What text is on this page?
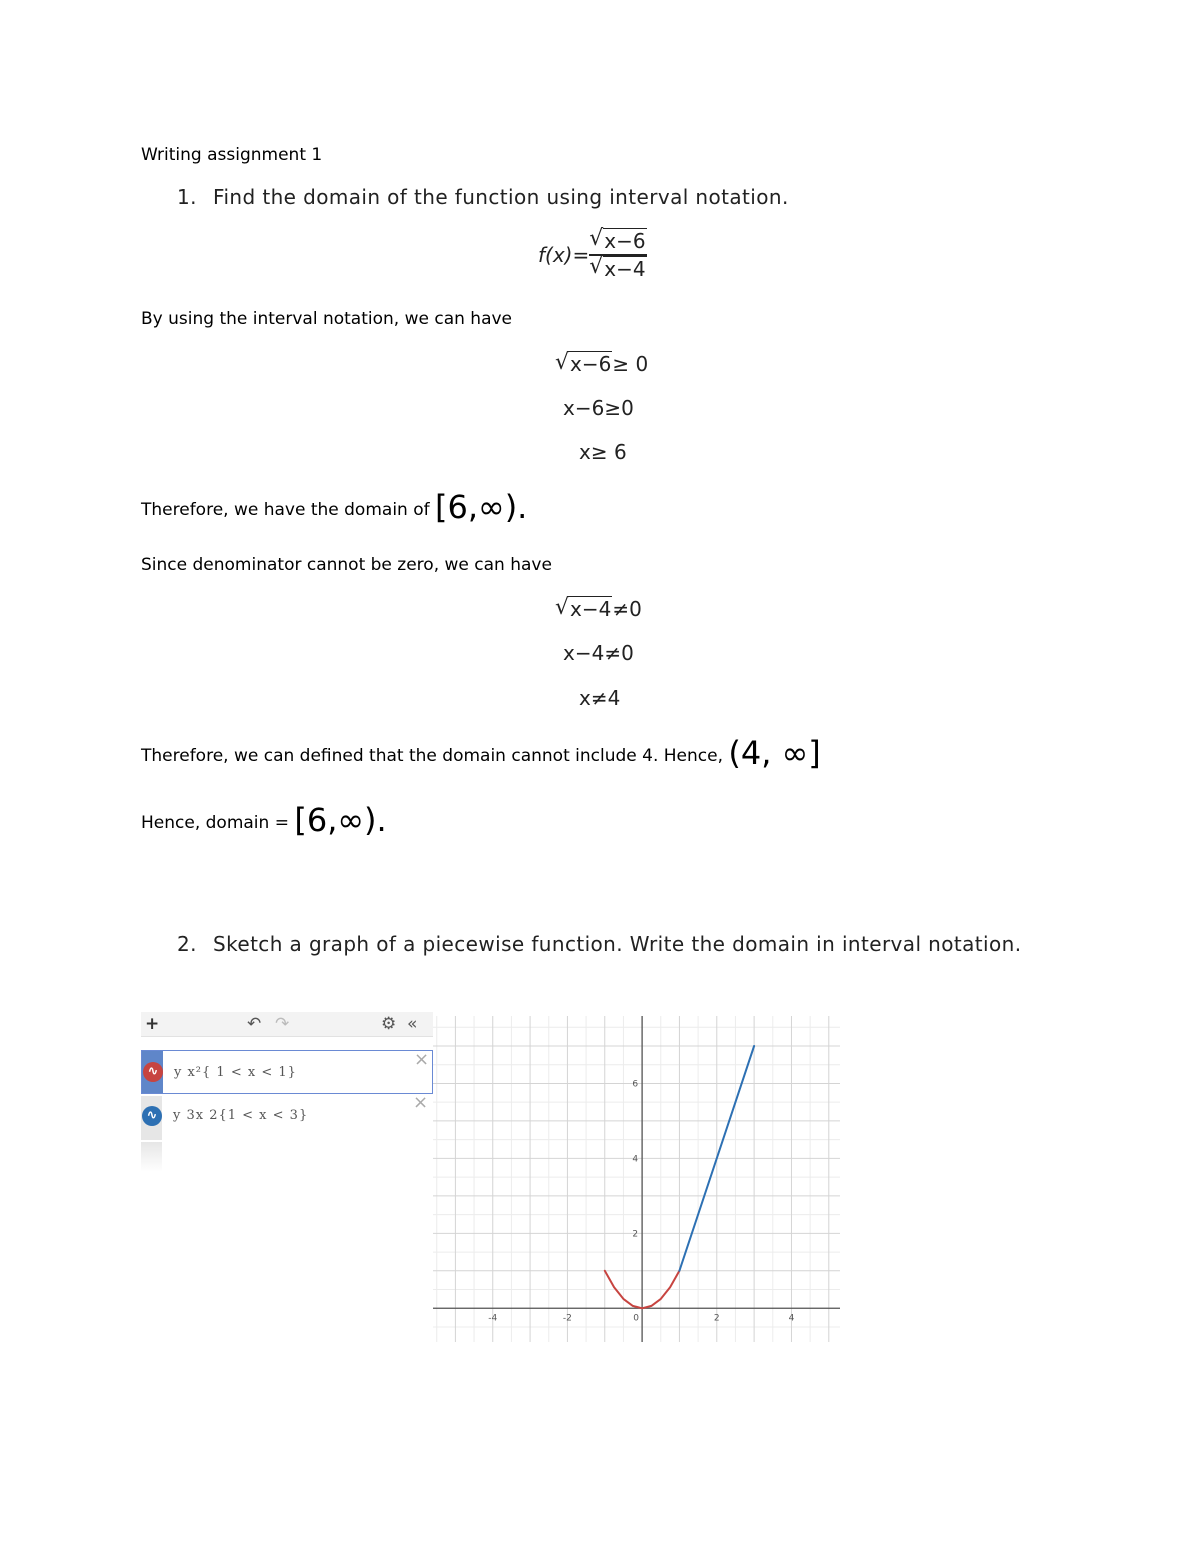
Writing assignment 1
1. Find the domain of the function using interval notation.
$f(x)= \frac{√ x-6}{√ x-4}$
By using the interval notation, we can have
√ x−6≥ 0
x−6≥0
x≥ 6
Therefore, we have the domain of [6,∞).
Since denominator cannot be zero, we can have
√ x−4≠0
x−4≠0
x≠4
Therefore, we can defined that the domain cannot include 4. Hence, (4, ∞]
Hence, domain = [6,∞).
2. Sketch a graph of a piecewise function. Write the domain in interval notation.
+	↶ ↷	⚙ «
∿	y x²{ 1 < x < 1}
×
∿	y 3x 2{1 < x < 3}
×
-4	-2	0	2	4
2
4
6
